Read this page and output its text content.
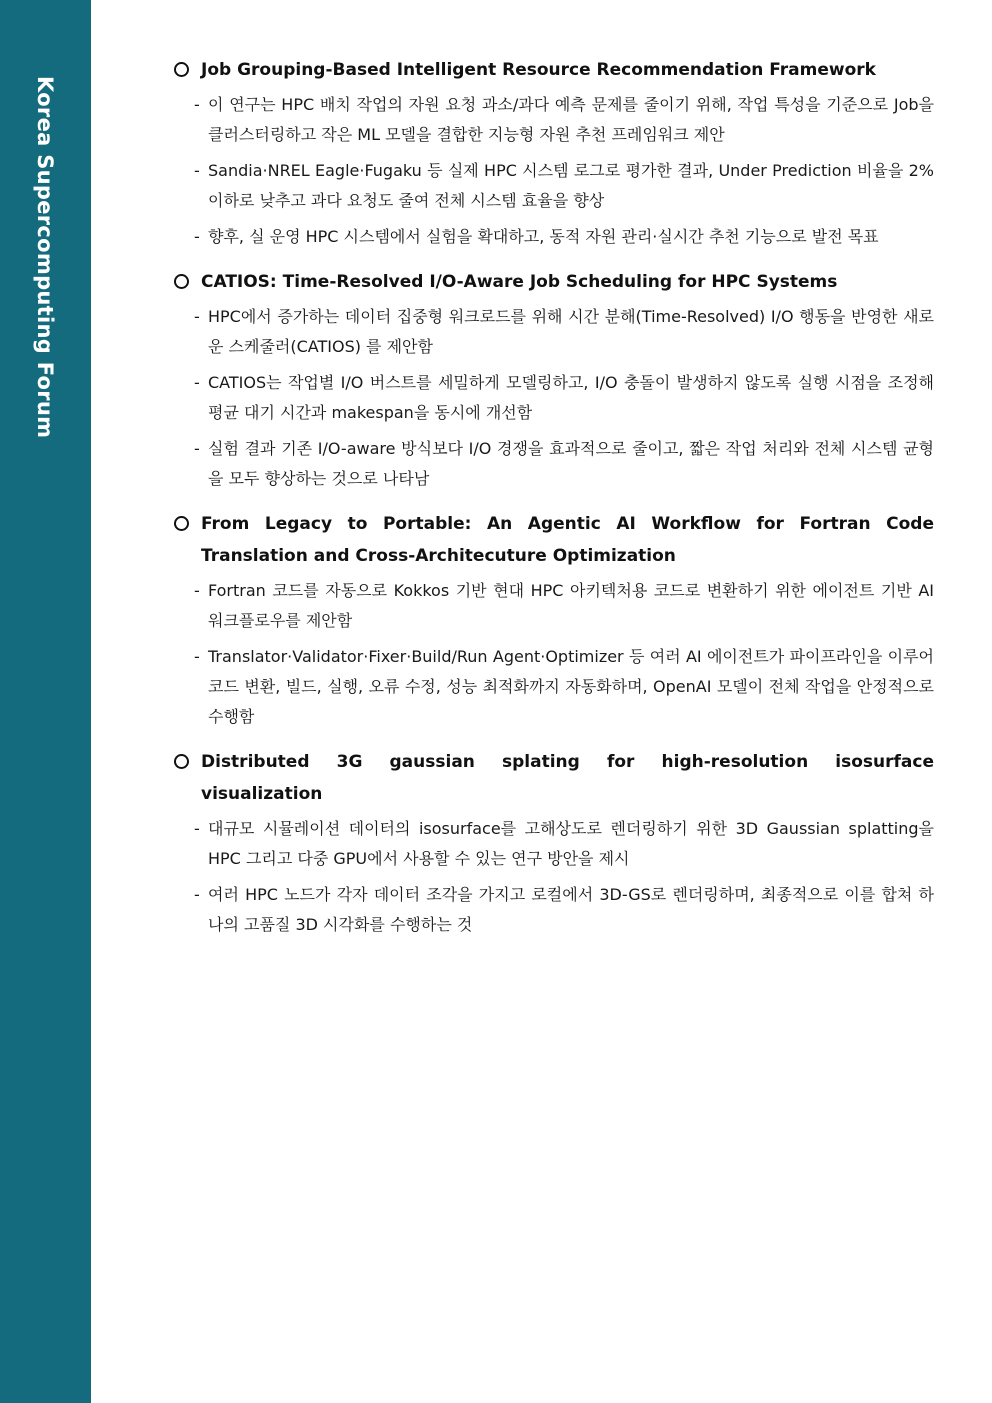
Korea Supercomputing Forum
Job Grouping-Based Intelligent Resource Recommendation Framework
- 이 연구는 HPC 배치 작업의 자원 요청 과소/과다 예측 문제를 줄이기 위해, 작업 특성을 기준으로 Job을 클러스터링하고 작은 ML 모델을 결합한 지능형 자원 추천 프레임워크 제안
- Sandia·NREL Eagle·Fugaku 등 실제 HPC 시스템 로그로 평가한 결과, Under Prediction 비율을 2% 이하로 낮추고 과다 요청도 줄여 전체 시스템 효율을 향상
- 향후, 실 운영 HPC 시스템에서 실험을 확대하고, 동적 자원 관리·실시간 추천 기능으로 발전 목표
CATIOS: Time-Resolved I/O-Aware Job Scheduling for HPC Systems
- HPC에서 증가하는 데이터 집중형 워크로드를 위해 시간 분해(Time-Resolved) I/O 행동을 반영한 새로운 스케줄러(CATIOS) 를 제안함
- CATIOS는 작업별 I/O 버스트를 세밀하게 모델링하고, I/O 충돌이 발생하지 않도록 실행 시점을 조정해 평균 대기 시간과 makespan을 동시에 개선함
- 실험 결과 기존 I/O-aware 방식보다 I/O 경쟁을 효과적으로 줄이고, 짧은 작업 처리와 전체 시스템 균형을 모두 향상하는 것으로 나타남
From Legacy to Portable: An Agentic AI Workflow for Fortran Code Translation and Cross-Architecuture Optimization
- Fortran 코드를 자동으로 Kokkos 기반 현대 HPC 아키텍처용 코드로 변환하기 위한 에이전트 기반 AI 워크플로우를 제안함
- Translator·Validator·Fixer·Build/Run Agent·Optimizer 등 여러 AI 에이전트가 파이프라인을 이루어 코드 변환, 빌드, 실행, 오류 수정, 성능 최적화까지 자동화하며, OpenAI 모델이 전체 작업을 안정적으로 수행함
Distributed 3G gaussian splating for high-resolution isosurface visualization
- 대규모 시뮬레이션 데이터의 isosurface를 고해상도로 렌더링하기 위한 3D Gaussian splatting을 HPC 그리고 다중 GPU에서 사용할 수 있는 연구 방안을 제시
- 여러 HPC 노드가 각자 데이터 조각을 가지고 로컬에서 3D-GS로 렌더링하며, 최종적으로 이를 합쳐 하나의 고품질 3D 시각화를 수행하는 것
